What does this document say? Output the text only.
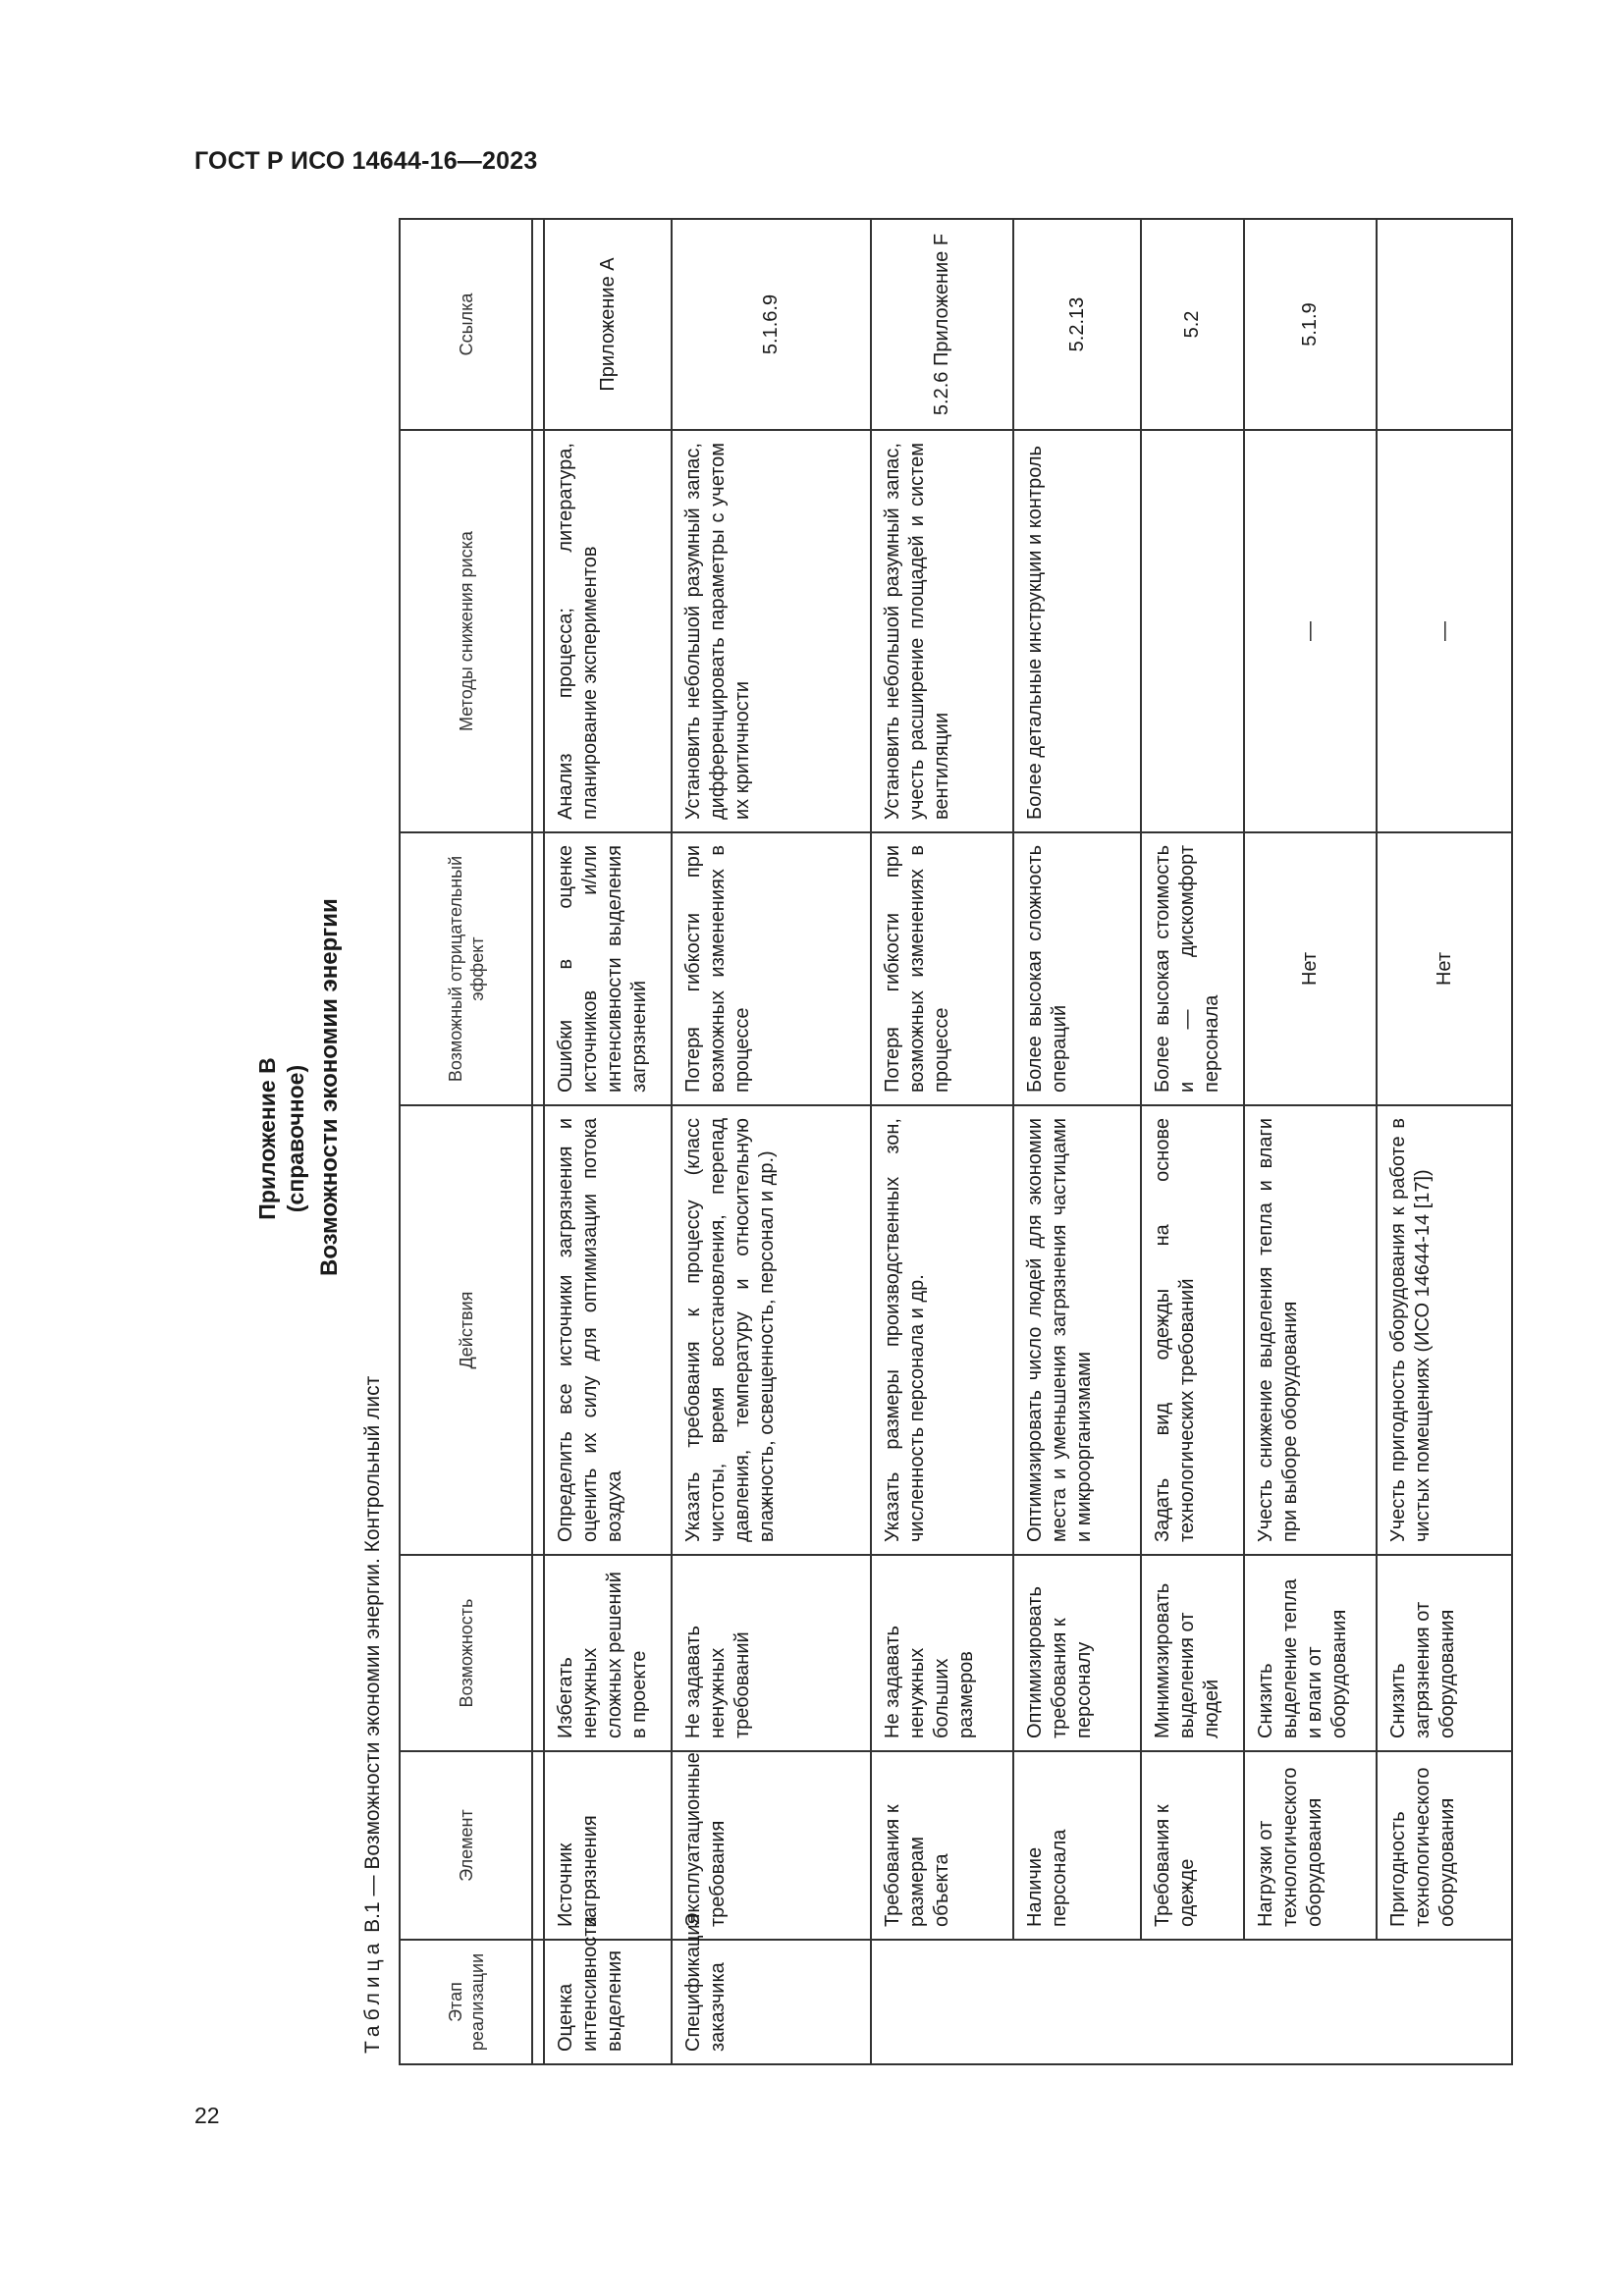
ГОСТ Р ИСО 14644-16—2023
Приложение В (справочное) Возможности экономии энергии
Таблица В.1 — Возможности экономии энергии. Контрольный лист
Этап реализации	Элемент	Возможность	Действия	Возможный отрицательный эффект	Методы снижения риска	Ссылка

Оценка интенсивности выделения	Источник загрязнения	Избегать ненужных сложных решений в проекте	Определить все источники загрязнения и оценить их силу для оптимизации потока воздуха	Ошибки в оценке источников и/или интенсивности выделения загрязнений	Анализ процесса; литература, планирование экспериментов	Приложение А
Спецификация заказчика	Эксплуатационные требования	Не задавать ненужных требований	Указать требования к процессу (класс чистоты, время восстановления, перепад давления, температуру и относительную влажность, освещенность, персонал и др.)	Потеря гибкости при возможных изменениях в процессе	Установить небольшой разумный запас, дифференцировать параметры с учетом их критичности	5.1.6.9
	Требования к размерам объекта	Не задавать ненужных больших размеров	Указать размеры производственных зон, численность персонала и др.	Потеря гибкости при возможных изменениях в процессе	Установить небольшой разумный запас, учесть расширение площадей и систем вентиляции	5.2.6 Приложение F
	Наличие персонала	Оптимизировать требования к персоналу	Оптимизировать число людей для экономии места и уменьшения загрязнения частицами и микроорганизмами	Более высокая сложность операций	Более детальные инструкции и контроль	5.2.13
	Требования к одежде	Минимизировать выделения от людей	Задать вид одежды на основе технологических требований	Более высокая стоимость и — дискомфорт персонала		5.2
	Нагрузки от технологического оборудования	Снизить выделение тепла и влаги от оборудования	Учесть снижение выделения тепла и влаги при выборе оборудования	Нет	—	5.1.9
	Пригодность технологического оборудования	Снизить загрязнения от оборудования	Учесть пригодность оборудования к работе в чистых помещениях (ИСО 14644-14 [17])	Нет	—	
22
